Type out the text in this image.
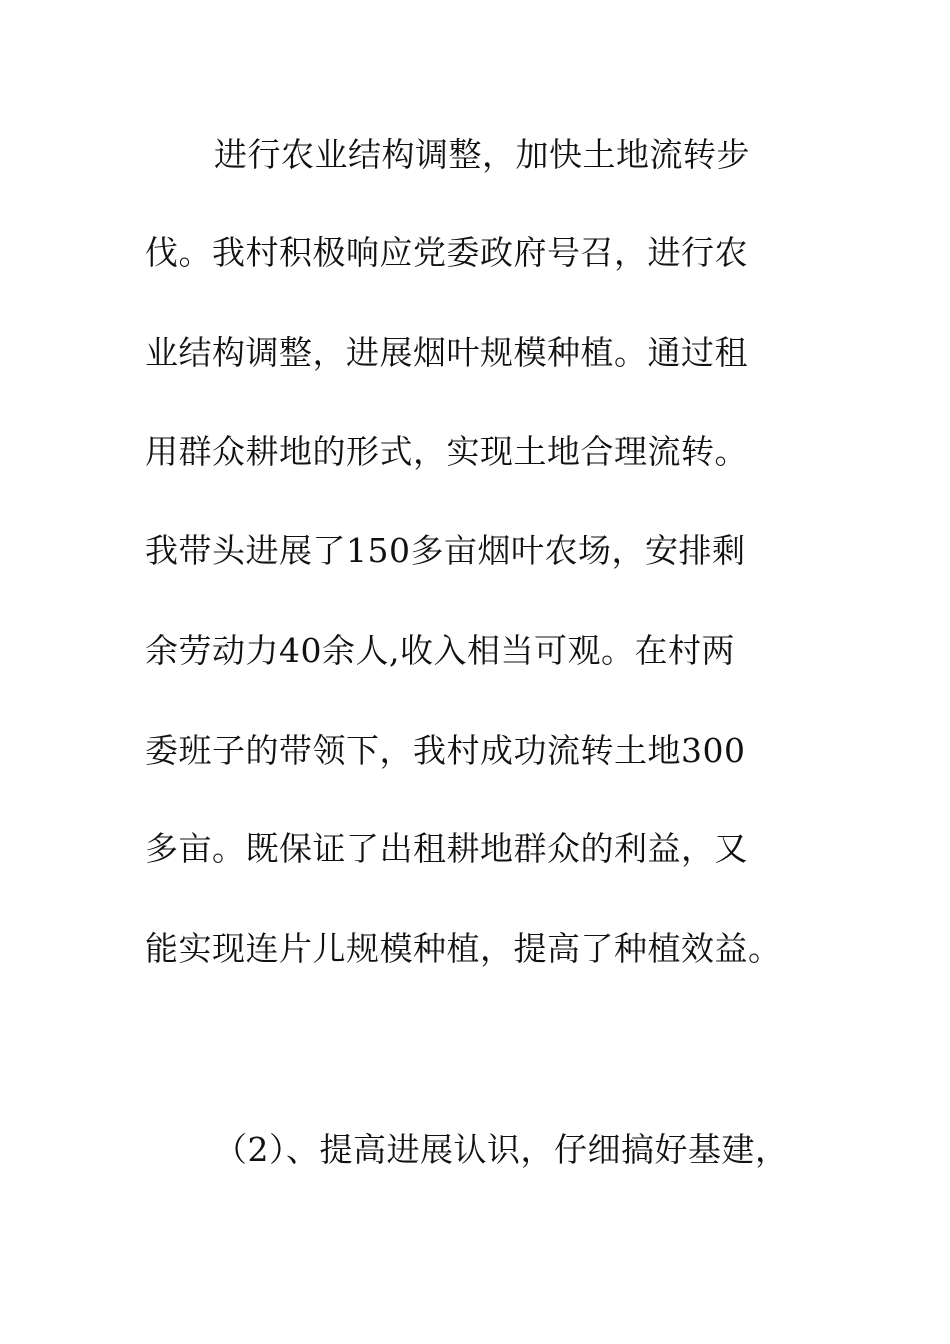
进行农业结构调整，加快土地流转步
伐。我村积极响应党委政府号召，进行农
业结构调整，进展烟叶规模种植。通过租
用群众耕地的形式，实现土地合理流转。
我带头进展了150多亩烟叶农场，安排剩
余劳动力40余人,收入相当可观。在村两
委班子的带领下，我村成功流转土地300
多亩。既保证了出租耕地群众的利益，又
能实现连片儿规模种植，提高了种植效益。
（2）、提高进展认识，仔细搞好基建，
